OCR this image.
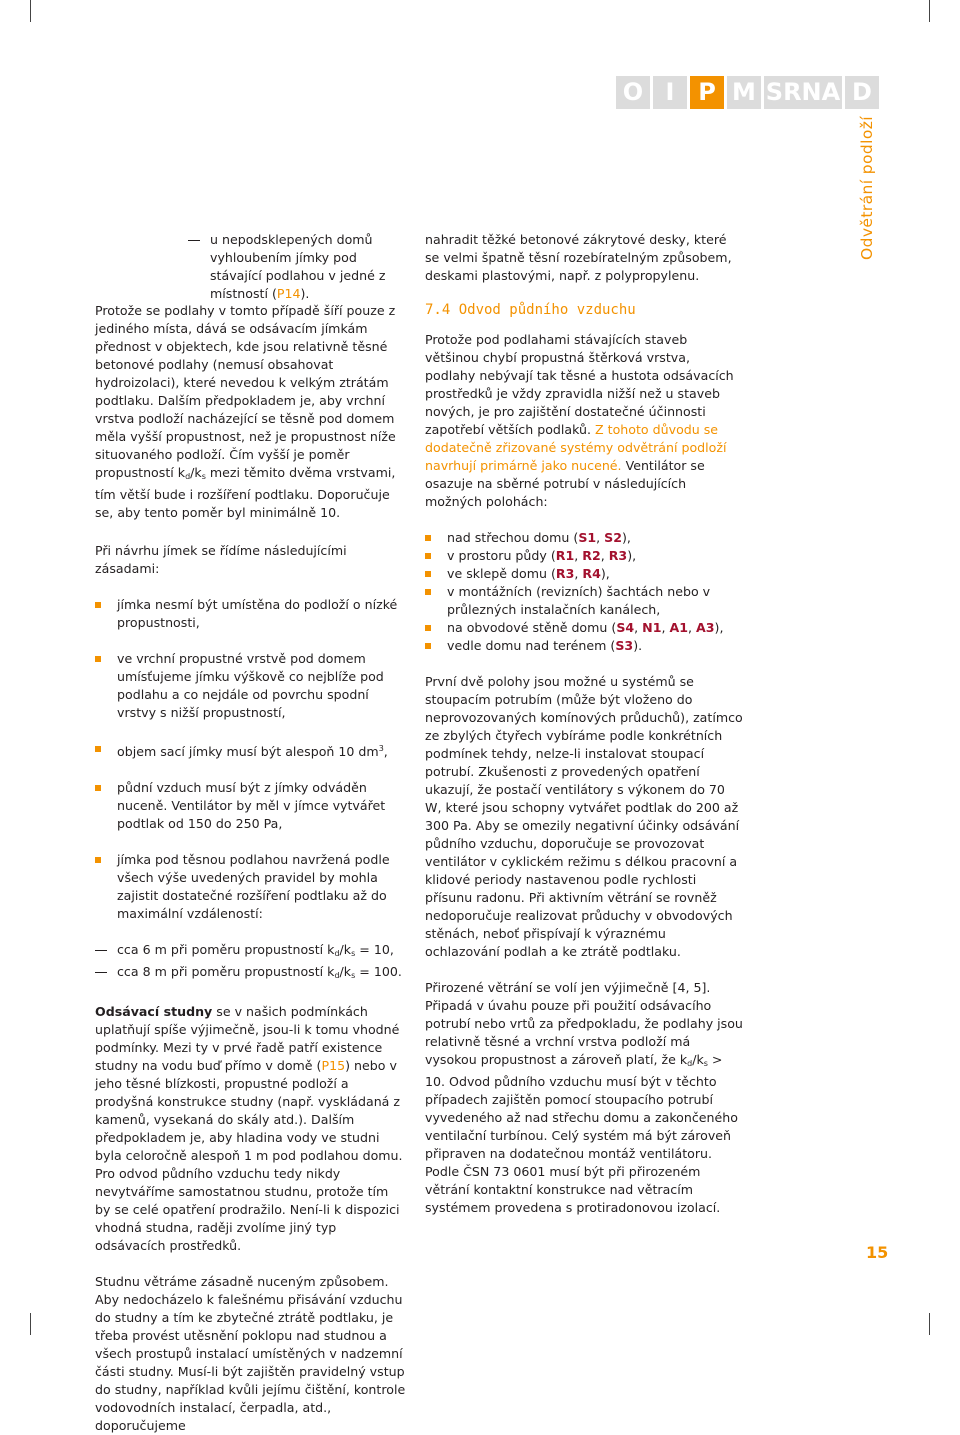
O I P M SRNA D
Odvětrání podloží

u nepodsklepených domů vyhloubením jímky pod stávající podlahou v jedné z místností (P14).

Protože se podlahy v tomto případě šíří pouze z jediného místa, dává se odsávacím jímkám přednost v objektech, kde jsou relativně těsné betonové podlahy (nemusí obsahovat hydroizolaci), které nevedou k velkým ztrátám podtlaku. Dalším předpokladem je, aby vrchní vrstva podloží nacházející se těsně pod domem měla vyšší propustnost, než je propustnost níže situovaného podloží. Čím vyšší je poměr propustností $k_d/k_s$ mezi těmito dvěma vrstvami, tím větší bude i rozšíření podtlaku. Doporučuje se, aby tento poměr byl minimálně 10.

Při návrhu jímek se řídíme následujícími zásadami:

jímka nesmí být umístěna do podloží o nízké propustnosti,
ve vrchní propustné vrstvě pod domem umísťujeme jímku výškově co nejblíže pod podlahu a co nejdále od povrchu spodní vrstvy s nižší propustností,
objem sací jímky musí být alespoň 10 $dm^3$,
půdní vzduch musí být z jímky odváděn nuceně. Ventilátor by měl v jímce vytvářet podtlak od 150 do 250 Pa,
jímka pod těsnou podlahou navržená podle všech výše uvedených pravidel by mohla zajistit dostatečné rozšíření podtlaku až do maximální vzdáleností:

cca 6 m při poměru propustností $k_d/k_s = 10$,

cca 8 m při poměru propustností $k_d/k_s = 100$.

Odsávací studny se v našich podmínkách uplatňují spíše výjimečně, jsou-li k tomu vhodné podmínky. Mezi ty v prvé řadě patří existence studny na vodu buď přímo v domě (P15) nebo v jeho těsné blízkosti, propustné podloží a prodyšná konstrukce studny (např. vyskládaná z kamenů, vysekaná do skály atd.). Dalším předpokladem je, aby hladina vody ve studni byla celoročně alespoň 1 m pod podlahou domu. Pro odvod půdního vzduchu tedy nikdy nevytváříme samostatnou studnu, protože tím by se celé opatření prodražilo. Není-li k dispozici vhodná studna, raději zvolíme jiný typ odsávacích prostředků.

Studnu větráme zásadně nuceným způsobem. Aby nedocházelo k falešnému přisávání vzduchu do studny a tím ke zbytečné ztrátě podtlaku, je třeba provést utěsnění poklopu nad studnou a všech prostupů instalací umístěných v nadzemní části studny. Musí-li být zajištěn pravidelný vstup do studny, například kvůli jejímu čištění, kontrole vodovodních instalací, čerpadla, atd., doporučujeme

nahradit těžké betonové zákrytové desky, které se velmi špatně těsní rozebíratelným způsobem, deskami plastovými, např. z polypropylenu.

7.4 Odvod půdního vzduchu

Protože pod podlahami stávajících staveb většinou chybí propustná štěrková vrstva, podlahy nebývají tak těsné a hustota odsávacích prostředků je vždy zpravidla nižší než u staveb nových, je pro zajištění dostatečné účinnosti zapotřebí větších podlaků. Z tohoto důvodu se dodatečně zřizované systémy odvětrání podloží navrhují primárně jako nucené. Ventilátor se osazuje na sběrné potrubí v následujících možných polohách:

nad střechou domu (S1, S2),
v prostoru půdy (R1, R2, R3),
ve sklepě domu (R3, R4),
v montážních (revizních) šachtách nebo v průlezných instalačních kanálech,
na obvodové stěně domu (S4, N1, A1, A3),
vedle domu nad terénem (S3).

První dvě polohy jsou možné u systémů se stoupacím potrubím (může být vloženo do neprovozovaných komínových průduchů), zatímco ze zbylých čtyřech vybíráme podle konkrétních podmínek tehdy, nelze-li instalovat stoupací potrubí. Zkušenosti z provedených opatření ukazují, že postačí ventilátory s výkonem do 70 W, které jsou schopny vytvářet podtlak do 200 až 300 Pa. Aby se omezily negativní účinky odsávání půdního vzduchu, doporučuje se provozovat ventilátor v cyklickém režimu s délkou pracovní a klidové periody nastavenou podle rychlosti přísunu radonu. Při aktivním větrání se rovněž nedoporučuje realizovat průduchy v obvodových stěnách, neboť přispívají k výraznému ochlazování podlah a ke ztrátě podtlaku.

Přirozené větrání se volí jen výjimečně [4, 5]. Připadá v úvahu pouze při použití odsávacího potrubí nebo vrtů za předpokladu, že podlahy jsou relativně těsné a vrchní vrstva podloží má vysokou propustnost a zároveň platí, že $k_d/k_s > 10$. Odvod půdního vzduchu musí být v těchto případech zajištěn pomocí stoupacího potrubí vyvedeného až nad střechu domu a zakončeného ventilační turbínou. Celý systém má být zároveň připraven na dodatečnou montáž ventilátoru. Podle ČSN 73 0601 musí být při přirozeném větrání kontaktní konstrukce nad větracím systémem provedena s protiradonovou izolací.

15
